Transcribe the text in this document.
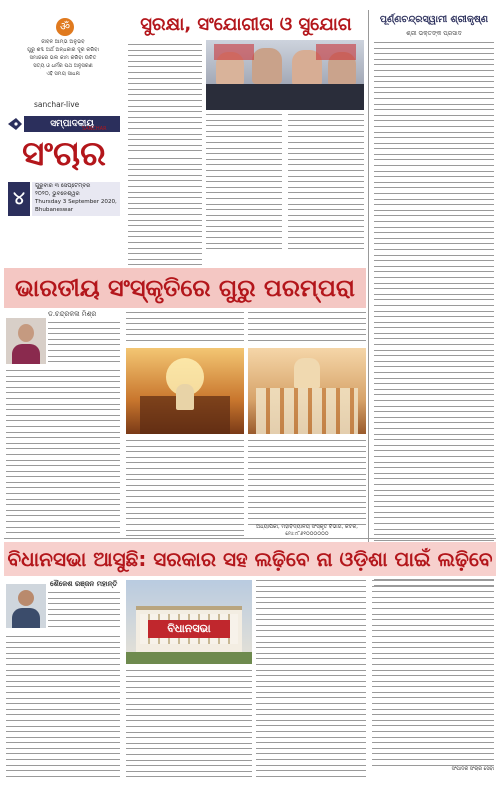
ॐ
ଜୀବନ ଆମ୍ଭ ଅନୁଭବ
ଗୁରୁ ଶବ୍ଦ ଅର୍ଥ ଅନ୍ଧକାର ଦୂର କରିବା
ସମାଜରେ ଭଲ କାମ କରିବା ଉଚିତ
ସତ୍ୟ ଓ ଧର୍ମର ପଥ ଅନୁସରଣ
ଏହି ସମୟ ସାଧନା
sanchar-live
ସମ୍ପାଦକୀୟ
ସଂଚାର
SANCHAR
୪
ଗୁରୁବାର ୩ ସେପ୍ଟେମ୍ବର
୨୦୨୦, ଭୁବନେଶ୍ୱର
Thursday 3 September 2020,
Bhubaneswar
ସୁରକ୍ଷା, ସଂଯୋଗୀତା ଓ ସୁଯୋଗ	ପୂର୍ଣ୍ଣଚନ୍ଦ୍ରସ୍ୱାମୀ ଶ୍ରୀକୃଷ୍ଣ
ଶ୍ରୀ ଭକ୍ତଙ୍କ ପ୍ରସାଦ
ଭାରତୀୟ ସଂସ୍କୃତିରେ ଗୁରୁ ପରମ୍ପରା
ଡ.ଚନ୍ଦ୍ରକଳା ମିଶ୍ର
ଅଧ୍ୟାପିକା, ମହାବିଦ୍ୟାଳୟ ସଂସ୍କୃତ ବିଭାଗ, କଟକ, ମୋ:୯୮୬୧୦୦୦୦୦୦
ବିଧାନସଭା ଆସୁଛି: ସରକାର ସହ ଲଢ଼ିବେ ନା ଓଡ଼ିଶା ପାଇଁ ଲଢ଼ିବେ
ଶୈଳେଶ ରଞ୍ଜନ ମହାନ୍ତି
ବିଧାନସଭା
ସଂପାଦକ ସଂଚାର ସେବା
